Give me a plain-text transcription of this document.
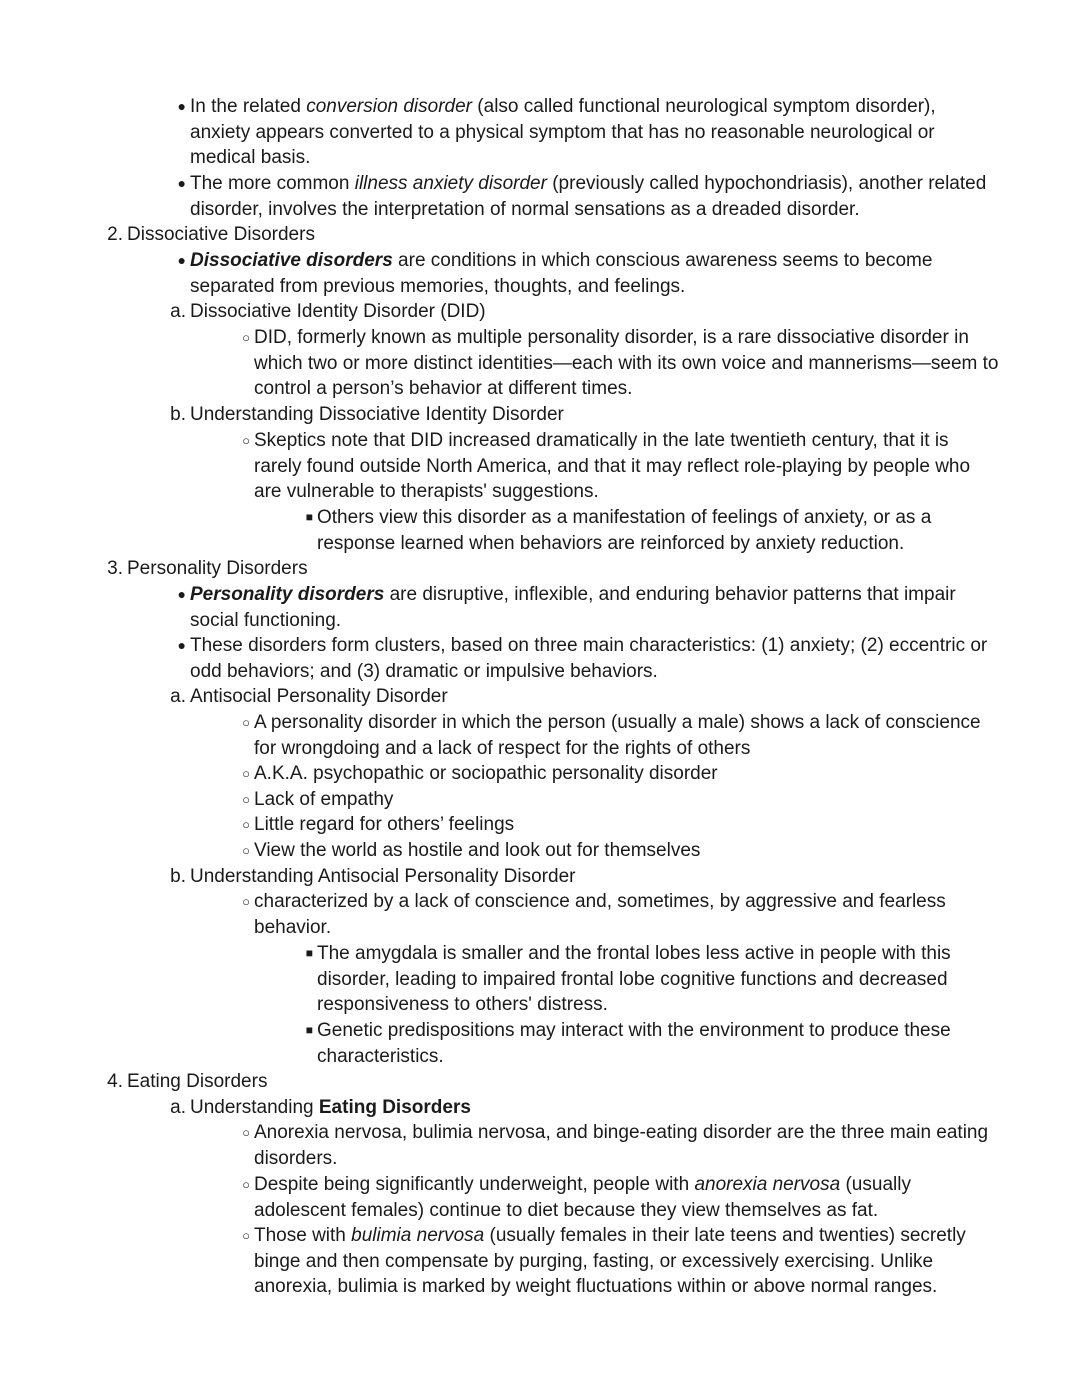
● In the related conversion disorder (also called functional neurological symptom disorder),
anxiety appears converted to a physical symptom that has no reasonable neurological or
medical basis.
● The more common illness anxiety disorder (previously called hypochondriasis), another related
disorder, involves the interpretation of normal sensations as a dreaded disorder.
2. Dissociative Disorders
● Dissociative disorders are conditions in which conscious awareness seems to become
separated from previous memories, thoughts, and feelings.
a. Dissociative Identity Disorder (DID)
○ DID, formerly known as multiple personality disorder, is a rare dissociative disorder in
which two or more distinct identities—each with its own voice and mannerisms—seem to
control a person’s behavior at different times.
b. Understanding Dissociative Identity Disorder
○ Skeptics note that DID increased dramatically in the late twentieth century, that it is
rarely found outside North America, and that it may reflect role-playing by people who
are vulnerable to therapists' suggestions.
■ Others view this disorder as a manifestation of feelings of anxiety, or as a
response learned when behaviors are reinforced by anxiety reduction.
3. Personality Disorders
● Personality disorders are disruptive, inflexible, and enduring behavior patterns that impair
social functioning.
● These disorders form clusters, based on three main characteristics: (1) anxiety; (2) eccentric or
odd behaviors; and (3) dramatic or impulsive behaviors.
a. Antisocial Personality Disorder
○ A personality disorder in which the person (usually a male) shows a lack of conscience
for wrongdoing and a lack of respect for the rights of others
○ A.K.A. psychopathic or sociopathic personality disorder
○ Lack of empathy
○ Little regard for others’ feelings
○ View the world as hostile and look out for themselves
b. Understanding Antisocial Personality Disorder
○ characterized by a lack of conscience and, sometimes, by aggressive and fearless
behavior.
■ The amygdala is smaller and the frontal lobes less active in people with this
disorder, leading to impaired frontal lobe cognitive functions and decreased
responsiveness to others' distress.
■ Genetic predispositions may interact with the environment to produce these
characteristics.
4. Eating Disorders
a. Understanding Eating Disorders
○ Anorexia nervosa, bulimia nervosa, and binge-eating disorder are the three main eating
disorders.
○ Despite being significantly underweight, people with anorexia nervosa (usually
adolescent females) continue to diet because they view themselves as fat.
○ Those with bulimia nervosa (usually females in their late teens and twenties) secretly
binge and then compensate by purging, fasting, or excessively exercising. Unlike
anorexia, bulimia is marked by weight fluctuations within or above normal ranges.
